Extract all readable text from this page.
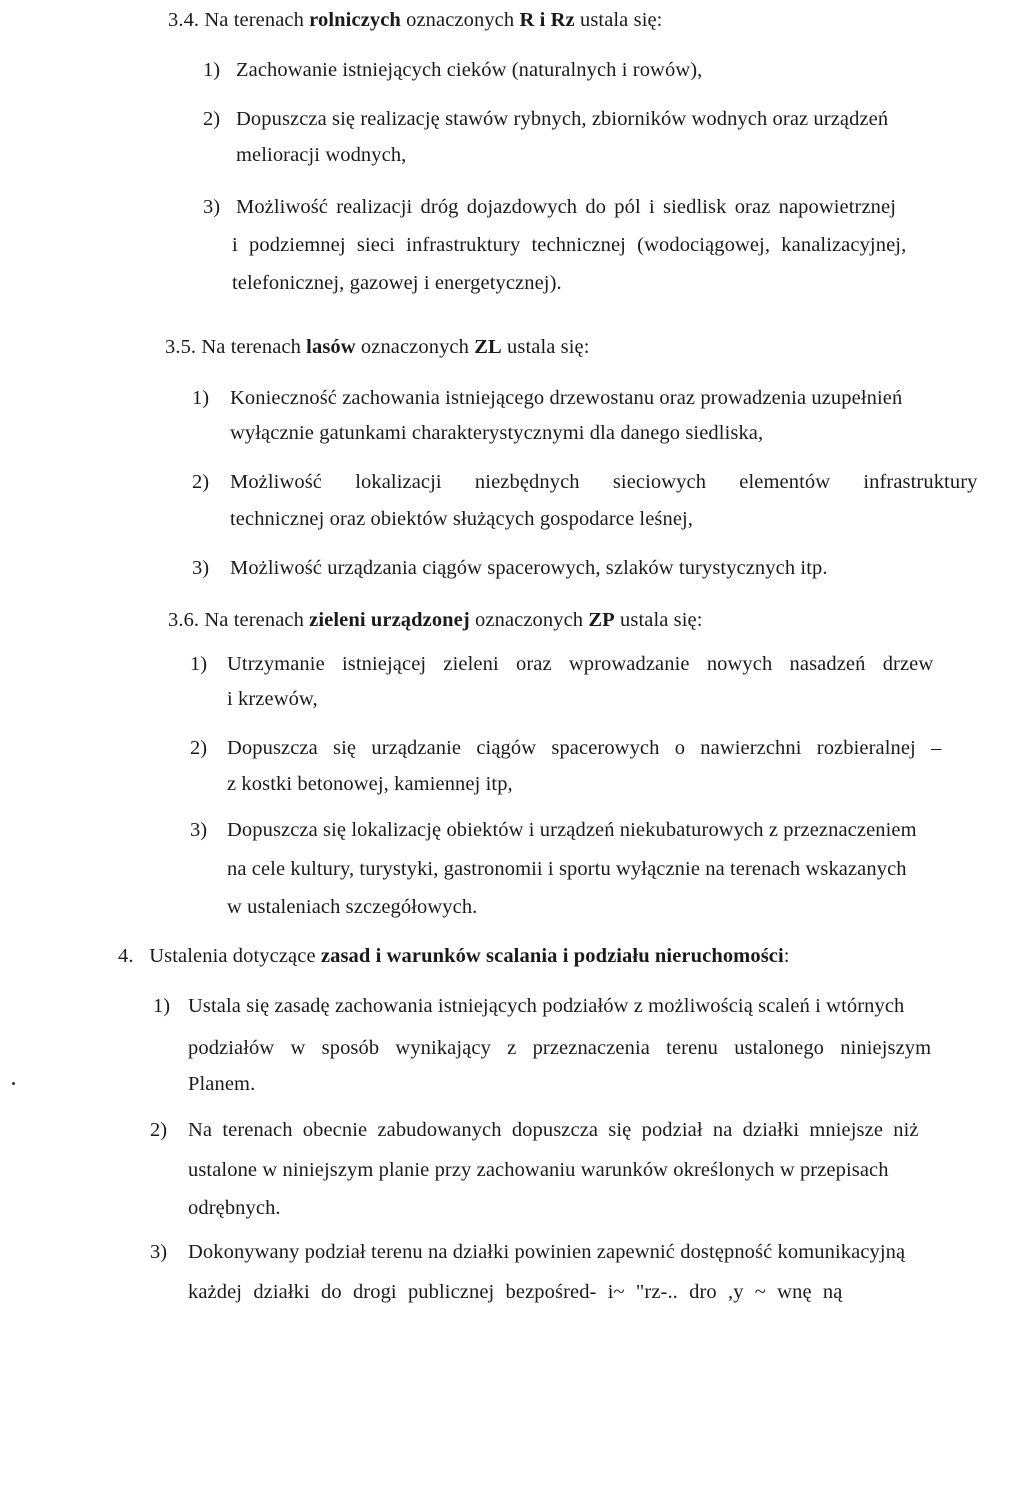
3.4. Na terenach rolniczych oznaczonych R i Rz ustala się:
1) Zachowanie istniejących cieków (naturalnych i rowów),
2) Dopuszcza się realizację stawów rybnych, zbiorników wodnych oraz urządzeń
melioracji wodnych,
3) Możliwość realizacji dróg dojazdowych do pól i siedlisk oraz napowietrznej
i podziemnej sieci infrastruktury technicznej (wodociągowej, kanalizacyjnej,
telefonicznej, gazowej i energetycznej).
3.5. Na terenach lasów oznaczonych ZL ustala się:
1) Konieczność zachowania istniejącego drzewostanu oraz prowadzenia uzupełnień
wyłącznie gatunkami charakterystycznymi dla danego siedliska,
2) Możliwość lokalizacji niezbędnych sieciowych elementów infrastruktury
technicznej oraz obiektów służących gospodarce leśnej,
3) Możliwość urządzania ciągów spacerowych, szlaków turystycznych itp.
3.6. Na terenach zieleni urządzonej oznaczonych ZP ustala się:
1) Utrzymanie istniejącej zieleni oraz wprowadzanie nowych nasadzeń drzew
i krzewów,
2) Dopuszcza się urządzanie ciągów spacerowych o nawierzchni rozbieralnej –
z kostki betonowej, kamiennej itp,
3) Dopuszcza się lokalizację obiektów i urządzeń niekubaturowych z przeznaczeniem
na cele kultury, turystyki, gastronomii i sportu wyłącznie na terenach wskazanych
w ustaleniach szczegółowych.
4. Ustalenia dotyczące zasad i warunków scalania i podziału nieruchomości:
1) Ustala się zasadę zachowania istniejących podziałów z możliwością scaleń i wtórnych
podziałów w sposób wynikający z przeznaczenia terenu ustalonego niniejszym
Planem.
2) Na terenach obecnie zabudowanych dopuszcza się podział na działki mniejsze niż
ustalone w niniejszym planie przy zachowaniu warunków określonych w przepisach
odrębnych.
3) Dokonywany podział terenu na działki powinien zapewnić dostępność komunikacyjną
każdej działki do drogi publicznej bezpośred- i~ "rz-.. dro ,y ~ wnę ną
